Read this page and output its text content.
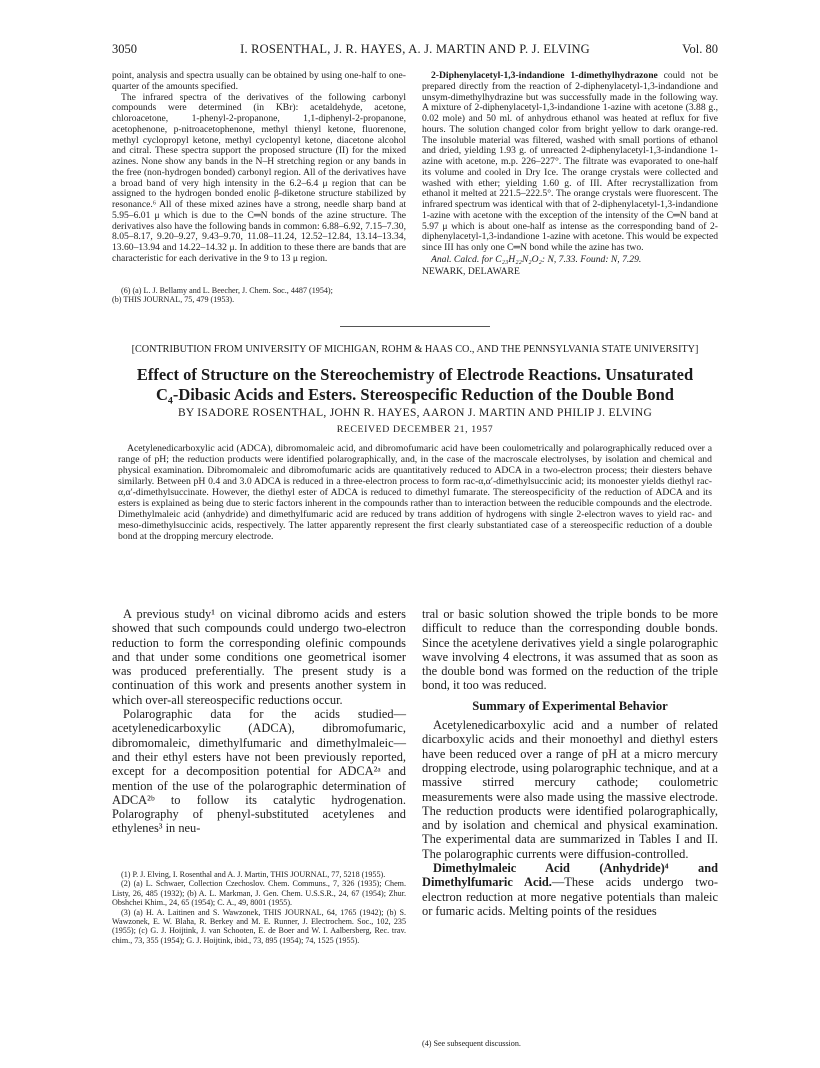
3050	I. ROSENTHAL, J. R. HAYES, A. J. MARTIN AND P. J. ELVING	Vol. 80

point, analysis and spectra usually can be obtained by using one-half to one-quarter of the amounts specified.

The infrared spectra of the derivatives of the following carbonyl compounds were determined (in KBr): acetaldehyde, acetone, chloroacetone, 1-phenyl-2-propanone, 1,1-diphenyl-2-propanone, acetophenone, p-nitroacetophenone, methyl thienyl ketone, fluorenone, methyl cyclopropyl ketone, methyl cyclopentyl ketone, diacetone alcohol and citral. These spectra support the proposed structure (II) for the mixed azines. None show any bands in the N–H stretching region or any bands in the free (non-hydrogen bonded) carbonyl region. All of the derivatives have a broad band of very high intensity in the 6.2–6.4 μ region that can be assigned to the hydrogen bonded enolic β-diketone structure stabilized by resonance.⁶ All of these mixed azines have a strong, needle sharp band at 5.95–6.01 μ which is due to the C═N bonds of the azine structure. The derivatives also have the following bands in common: 6.88–6.92, 7.15–7.30, 8.05–8.17, 9.20–9.27, 9.43–9.70, 11.08–11.24, 12.52–12.84, 13.14–13.34, 13.60–13.94 and 14.22–14.32 μ. In addition to these there are bands that are characteristic for each derivative in the 9 to 13 μ region.

(6) (a) L. J. Bellamy and L. Beecher, J. Chem. Soc., 4487 (1954);

(b) THIS JOURNAL, 75, 479 (1953).

2-Diphenylacetyl-1,3-indandione 1-dimethylhydrazone could not be prepared directly from the reaction of 2-diphenylacetyl-1,3-indandione and unsym-dimethylhydrazine but was successfully made in the following way. A mixture of 2-diphenylacetyl-1,3-indandione 1-azine with acetone (3.88 g., 0.02 mole) and 50 ml. of anhydrous ethanol was heated at reflux for five hours. The solution changed color from bright yellow to dark orange-red. The insoluble material was filtered, washed with small portions of ethanol and dried, yielding 1.93 g. of unreacted 2-diphenylacetyl-1,3-indandione 1-azine with acetone, m.p. 226–227°. The filtrate was evaporated to one-half its volume and cooled in Dry Ice. The orange crystals were collected and washed with ether; yielding 1.60 g. of III. After recrystallization from ethanol it melted at 221.5–222.5°. The orange crystals were fluorescent. The infrared spectrum was identical with that of 2-diphenylacetyl-1,3-indandione 1-azine with acetone with the exception of the intensity of the C═N band at 5.97 μ which is about one-half as intense as the corresponding band of 2-diphenylacetyl-1,3-indandione 1-azine with acetone. This would be expected since III has only one C═N bond while the azine has two.

Anal. Calcd. for C₂₃H₂₂N₂O₂: N, 7.33. Found: N, 7.29.

NEWARK, DELAWARE

[CONTRIBUTION FROM UNIVERSITY OF MICHIGAN, ROHM & HAAS CO., AND THE PENNSYLVANIA STATE UNIVERSITY]
Effect of Structure on the Stereochemistry of Electrode Reactions. Unsaturated
C₄-Dibasic Acids and Esters. Stereospecific Reduction of the Double Bond
BY ISADORE ROSENTHAL, JOHN R. HAYES, AARON J. MARTIN AND PHILIP J. ELVING
RECEIVED DECEMBER 21, 1957
Acetylenedicarboxylic acid (ADCA), dibromomaleic acid, and dibromofumaric acid have been coulometrically and polarographically reduced over a range of pH; the reduction products were identified polarographically, and, in the case of the macroscale electrolyses, by isolation and chemical and physical examination. Dibromomaleic and dibromofumaric acids are quantitatively reduced to ADCA in a two-electron process; their diesters behave similarly. Between pH 0.4 and 3.0 ADCA is reduced in a three-electron process to form rac-α,α′-dimethylsuccinic acid; its monoester yields diethyl rac-α,α′-dimethylsuccinate. However, the diethyl ester of ADCA is reduced to dimethyl fumarate. The stereospecificity of the reduction of ADCA and its esters is explained as being due to steric factors inherent in the compounds rather than to interaction between the reducible compounds and the electrode. Dimethylmaleic acid (anhydride) and dimethylfumaric acid are reduced by trans addition of hydrogens with single 2-electron waves to yield rac- and meso-dimethylsuccinic acids, respectively. The latter apparently represent the first clearly substantiated case of a stereospecific reduction of a double bond at the dropping mercury electrode.

A previous study¹ on vicinal dibromo acids and esters showed that such compounds could undergo two-electron reduction to form the corresponding olefinic compounds and that under some conditions one geometrical isomer was produced preferentially. The present study is a continuation of this work and presents another system in which over-all stereospecific reductions occur.

Polarographic data for the acids studied—acetylenedicarboxylic (ADCA), dibromofumaric, dibromomaleic, dimethylfumaric and dimethylmaleic—and their ethyl esters have not been previously reported, except for a decomposition potential for ADCA²ᵃ and mention of the use of the polarographic determination of ADCA²ᵇ to follow its catalytic hydrogenation. Polarography of phenyl-substituted acetylenes and ethylenes³ in neu-

(1) P. J. Elving, I. Rosenthal and A. J. Martin, THIS JOURNAL, 77, 5218 (1955).

(2) (a) L. Schwaer, Collection Czechoslov. Chem. Communs., 7, 326 (1935); Chem. Listy, 26, 485 (1932); (b) A. L. Markman, J. Gen. Chem. U.S.S.R., 24, 67 (1954); Zhur. Obshchei Khim., 24, 65 (1954); C. A., 49, 8001 (1955).

(3) (a) H. A. Laitinen and S. Wawzonek, THIS JOURNAL, 64, 1765 (1942); (b) S. Wawzonek, E. W. Blaha, R. Berkey and M. E. Runner, J. Electrochem. Soc., 102, 235 (1955); (c) G. J. Hoijtink, J. van Schooten, E. de Boer and W. I. Aalbersberg, Rec. trav. chim., 73, 355 (1954); G. J. Hoijtink, ibid., 73, 895 (1954); 74, 1525 (1955).

tral or basic solution showed the triple bonds to be more difficult to reduce than the corresponding double bonds. Since the acetylene derivatives yield a single polarographic wave involving 4 electrons, it was assumed that as soon as the double bond was formed on the reduction of the triple bond, it too was reduced.

Summary of Experimental Behavior

Acetylenedicarboxylic acid and a number of related dicarboxylic acids and their monoethyl and diethyl esters have been reduced over a range of pH at a micro mercury dropping electrode, using polarographic technique, and at a massive stirred mercury cathode; coulometric measurements were also made using the massive electrode. The reduction products were identified polarographically, and by isolation and chemical and physical examination. The experimental data are summarized in Tables I and II. The polarographic currents were diffusion-controlled.

Dimethylmaleic Acid (Anhydride)⁴ and Dimethylfumaric Acid.—These acids undergo two-electron reduction at more negative potentials than maleic or fumaric acids. Melting points of the residues

(4) See subsequent discussion.
